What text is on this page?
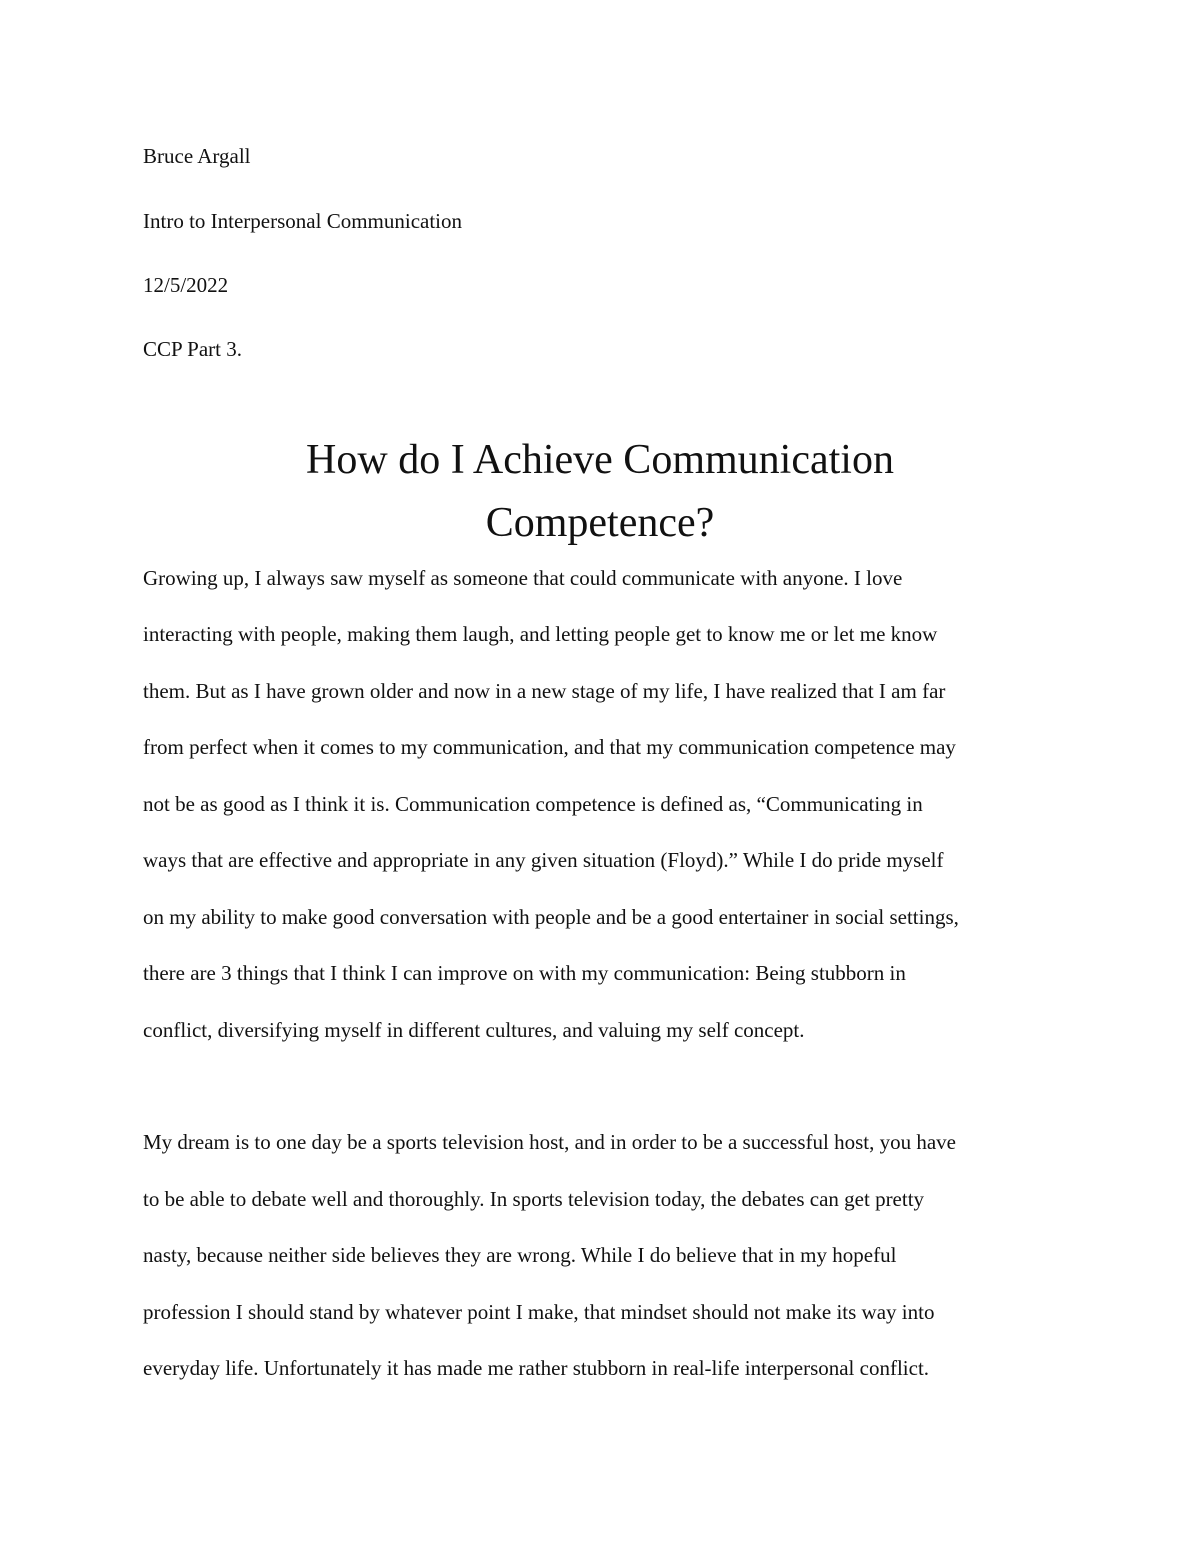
Bruce Argall
Intro to Interpersonal Communication
12/5/2022
CCP Part 3.
How do I Achieve Communication
Competence?
Growing up, I always saw myself as someone that could communicate with anyone. I love
interacting with people, making them laugh, and letting people get to know me or let me know
them. But as I have grown older and now in a new stage of my life, I have realized that I am far
from perfect when it comes to my communication, and that my communication competence may
not be as good as I think it is. Communication competence is defined as, “Communicating in
ways that are effective and appropriate in any given situation (Floyd).” While I do pride myself
on my ability to make good conversation with people and be a good entertainer in social settings,
there are 3 things that I think I can improve on with my communication: Being stubborn in
conflict, diversifying myself in different cultures, and valuing my self concept.
My dream is to one day be a sports television host, and in order to be a successful host, you have
to be able to debate well and thoroughly. In sports television today, the debates can get pretty
nasty, because neither side believes they are wrong. While I do believe that in my hopeful
profession I should stand by whatever point I make, that mindset should not make its way into
everyday life. Unfortunately it has made me rather stubborn in real-life interpersonal conflict.
